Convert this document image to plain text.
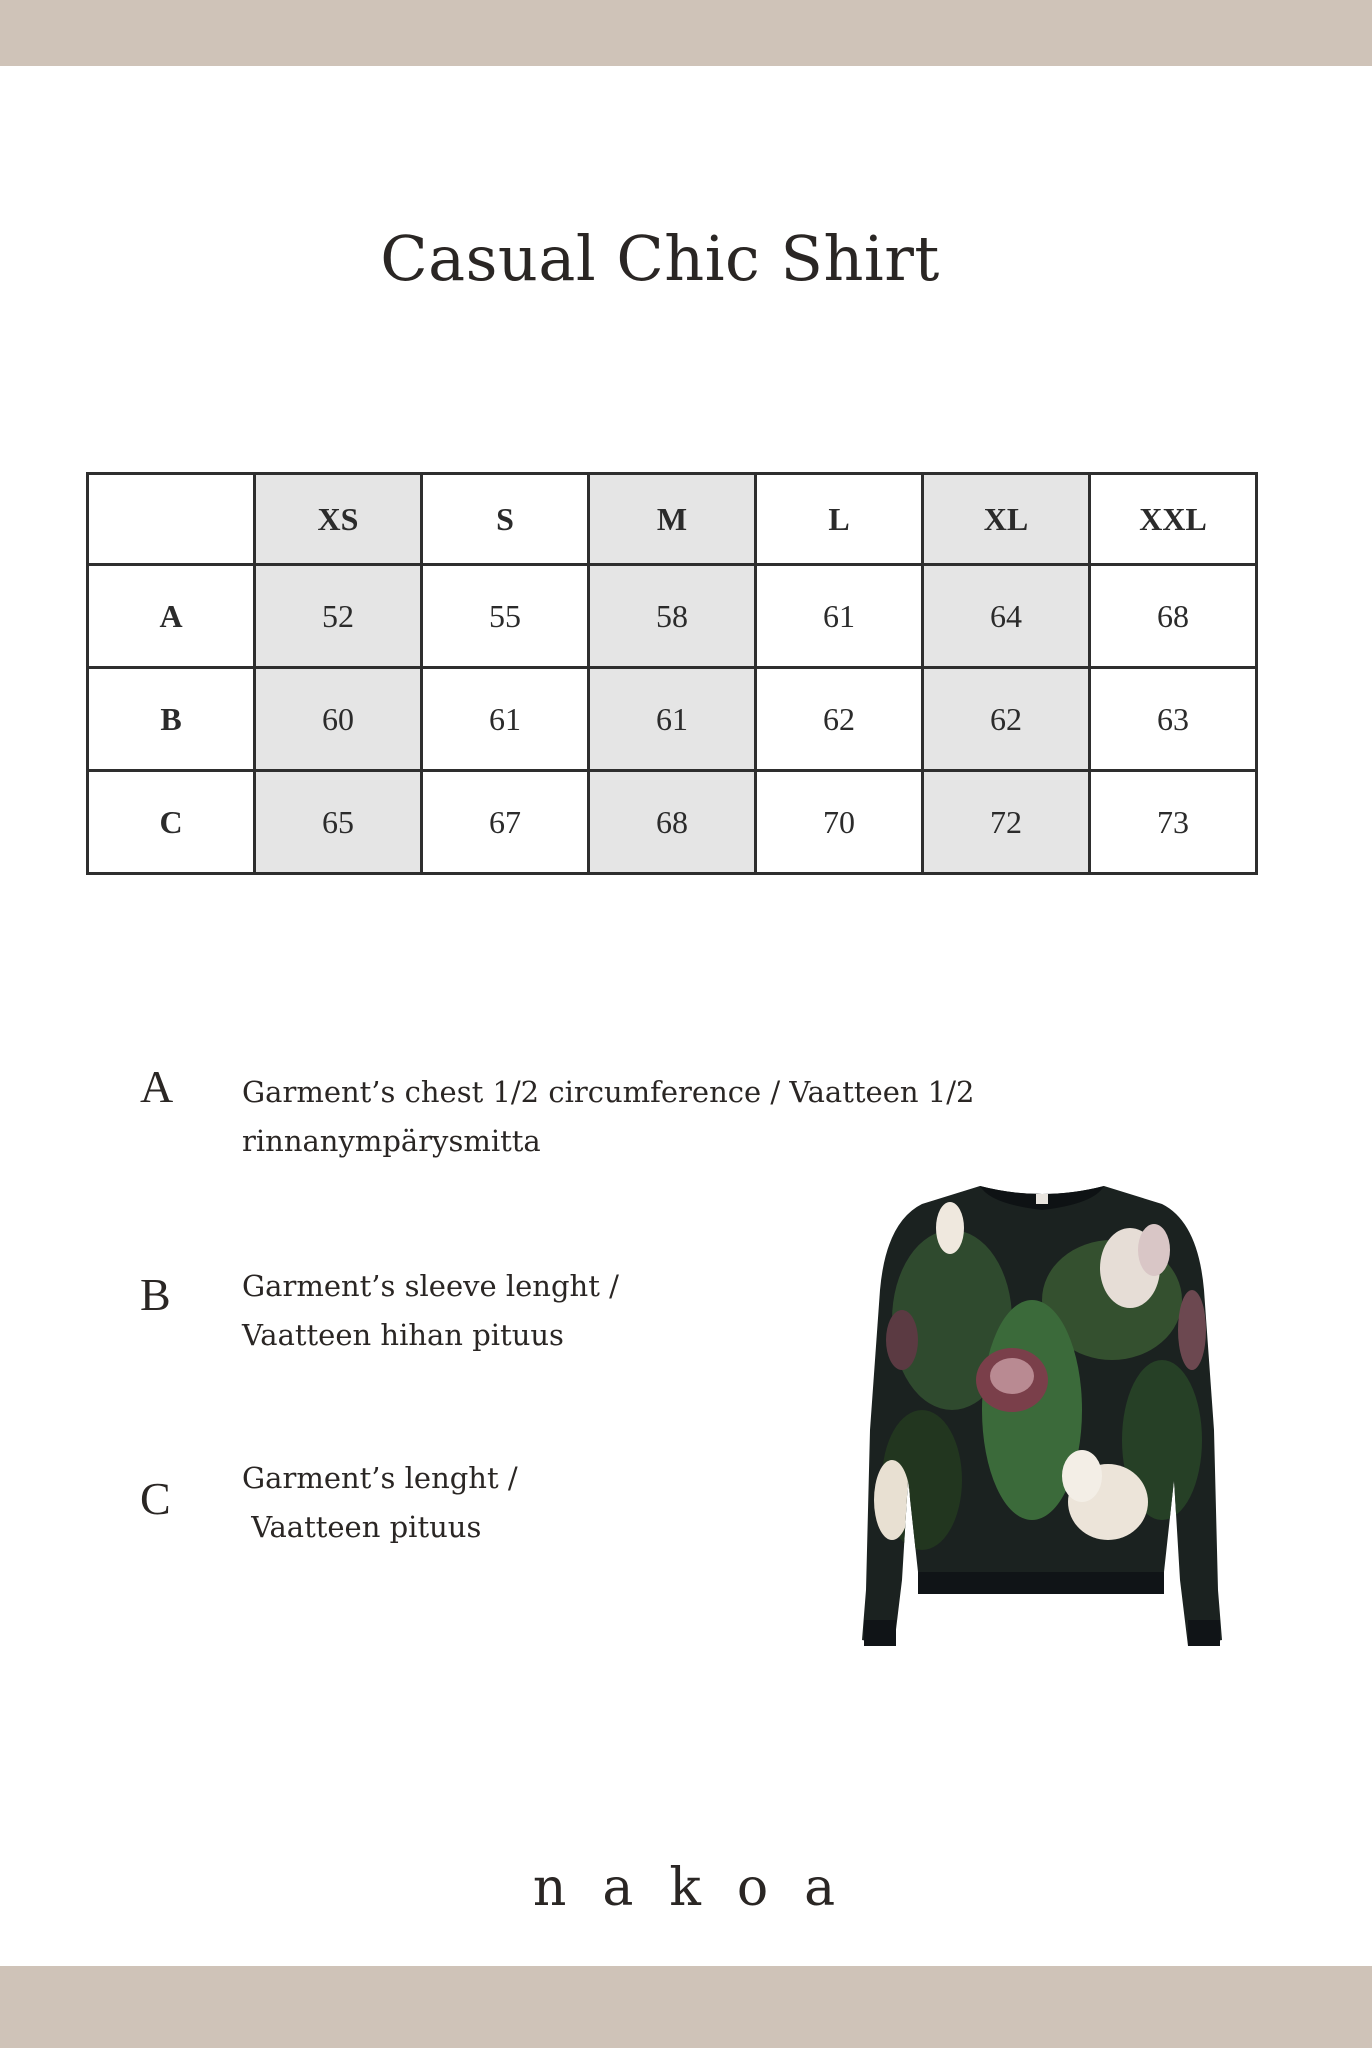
Casual Chic Shirt
	XS	S	M	L	XL	XXL
A	52	55	58	61	64	68
B	60	61	61	62	62	63
C	65	67	68	70	72	73
A Garment’s chest 1/2 circumference / Vaatteen 1/2
rinnanympärysmitta
B Garment’s sleeve lenght /
Vaatteen hihan pituus
C Garment’s lenght /
Vaatteen pituus
nakoa
